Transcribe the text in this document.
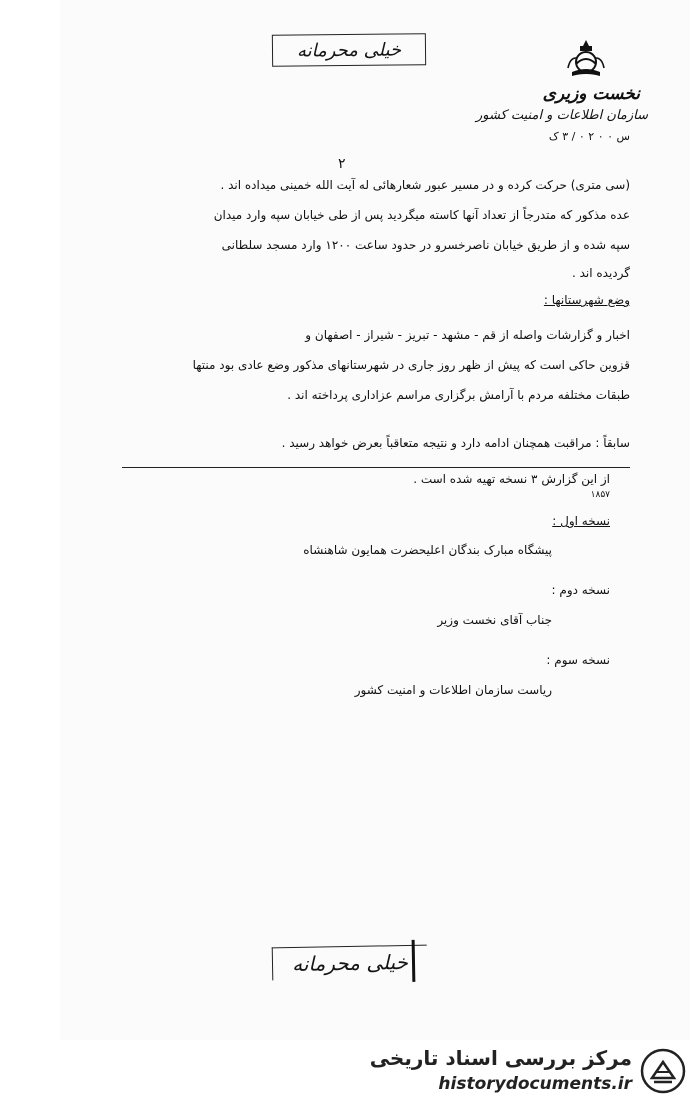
خیلی محرمانه
نخست وزیری
سازمان اطلاعات و امنیت کشور
س ۰ ۰ ۲ ۰ / ۳ ک
۲
(سی متری) حرکت کرده و در مسیر عبور شعارهائی له آیت الله خمینی میداده اند .
عده مذکور که متدرجاً از تعداد آنها کاسته میگردید پس از طی خیابان سپه وارد میدان
سپه شده و از طریق خیابان ناصرخسرو در حدود ساعت ۱۲۰۰ وارد مسجد سلطانی
گردیده اند .
وضع شهرستانها :
اخبار و گزارشات واصله از قم - مشهد - تبریز - شیراز - اصفهان و
قزوین حاکی است که پیش از ظهر روز جاری در شهرستانهای مذکور وضع عادی بود منتها
طبقات مختلفه مردم با آرامش برگزاری مراسم عزاداری پرداخته اند .
سابقاً : مراقبت همچنان ادامه دارد و نتیجه متعاقباً بعرض خواهد رسید .
از این گزارش ۳ نسخه تهیه شده است .
۱۸۵۷
نسخه اول :
پیشگاه مبارک بندگان اعلیحضرت همایون شاهنشاه
نسخه دوم :
جناب آقای نخست وزیر
نسخه سوم :
ریاست سازمان اطلاعات و امنیت کشور
خیلی محرمانه
مرکز بررسی اسناد تاریخی
historydocuments.ir
